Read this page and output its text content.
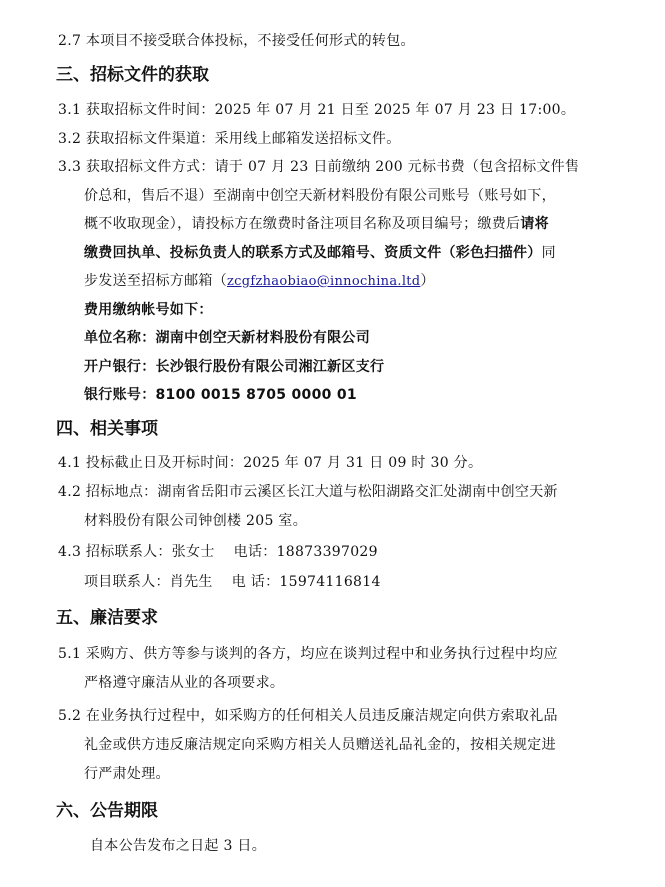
2.7 本项目不接受联合体投标，不接受任何形式的转包。
三、招标文件的获取
3.1 获取招标文件时间：2025 年 07 月 21 日至 2025 年 07 月 23 日 17:00。
3.2 获取招标文件渠道：采用线上邮箱发送招标文件。
3.3 获取招标文件方式：请于 07 月 23 日前缴纳 200 元标书费（包含招标文件售
价总和，售后不退）至湖南中创空天新材料股份有限公司账号（账号如下，
概不收取现金），请投标方在缴费时备注项目名称及项目编号；缴费后请将
缴费回执单、投标负责人的联系方式及邮箱号、资质文件（彩色扫描件）同
步发送至招标方邮箱（zcgfzhaobiao@innochina.ltd）
费用缴纳帐号如下：
单位名称：湖南中创空天新材料股份有限公司
开户银行：长沙银行股份有限公司湘江新区支行
银行账号：8100 0015 8705 0000 01
四、相关事项
4.1 投标截止日及开标时间：2025 年 07 月 31 日 09 时 30 分。
4.2 招标地点：湖南省岳阳市云溪区长江大道与松阳湖路交汇处湖南中创空天新
材料股份有限公司钟创楼 205 室。
4.3 招标联系人：张女士　 电话：18873397029
项目联系人：肖先生　 电 话：15974116814
五、廉洁要求
5.1 采购方、供方等参与谈判的各方，均应在谈判过程中和业务执行过程中均应
严格遵守廉洁从业的各项要求。
5.2 在业务执行过程中，如采购方的任何相关人员违反廉洁规定向供方索取礼品
礼金或供方违反廉洁规定向采购方相关人员赠送礼品礼金的，按相关规定进
行严肃处理。
六、公告期限
自本公告发布之日起 3 日。
